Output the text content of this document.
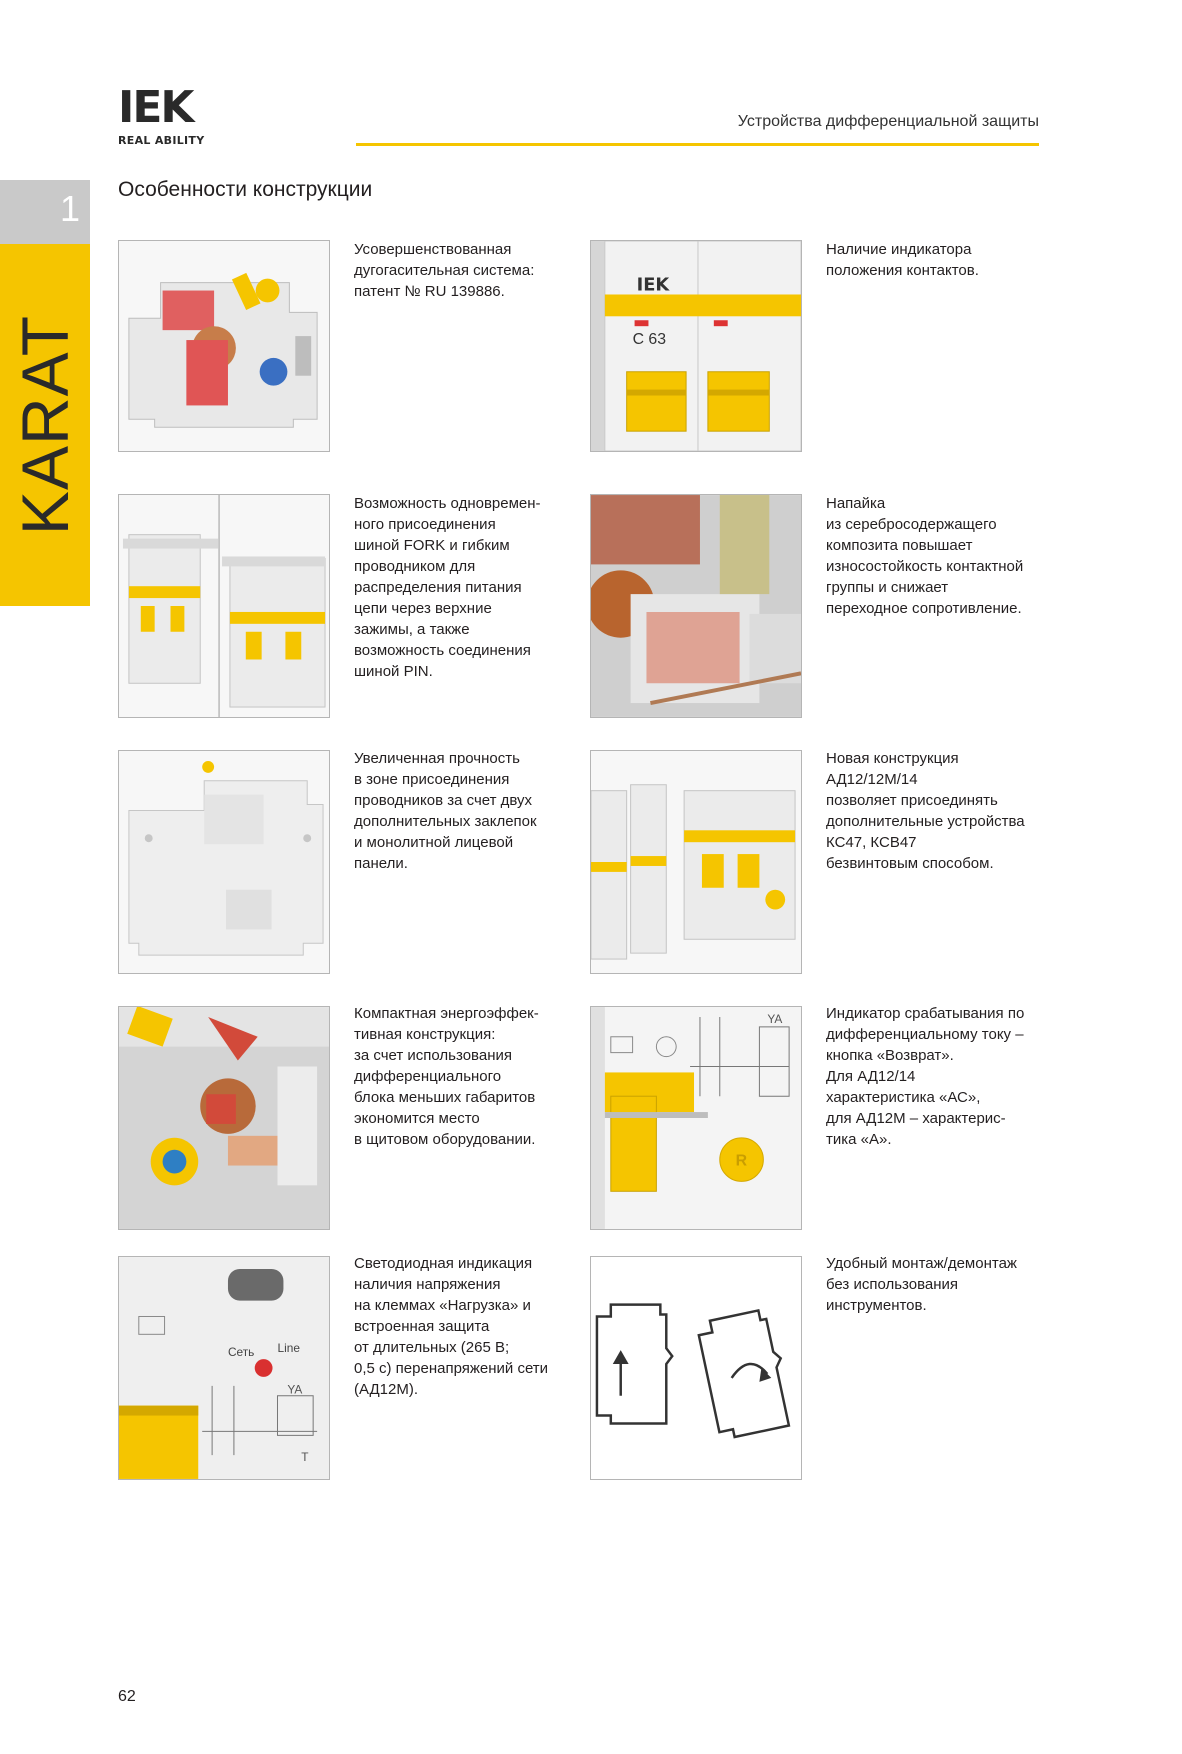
IEK
REAL ABILITY
Устройства дифференциальной защиты
1
KARAT
Особенности конструкции
Усовершенствованная
дугогасительная система:
патент № RU 139886.	IEK
C 63
Наличие индикатора
положения контактов.
Возможность одновремен-
ного присоединения
шиной FORK и гибким
проводником для
распределения питания
цепи через верхние
зажимы, а также
возможность соединения
шиной PIN.
Напайка
из серебросодержащего
композита повышает
износостойкость контактной
группы и снижает
переходное сопротивление.
Увеличенная прочность
в зоне присоединения
проводников за счет двух
дополнительных заклепок
и монолитной лицевой
панели.
Новая конструкция
АД12/12М/14
позволяет присоединять
дополнительные устройства
КС47, КСВ47
безвинтовым способом.
Компактная энергоэффек-
тивная конструкция:
за счет использования
дифференциального
блока меньших габаритов
экономится место
в щитовом оборудовании.
YA
R
Индикатор срабатывания по
дифференциальному току –
кнопка «Возврат».
Для АД12/14
характеристика «АС»,
для АД12М – характерис-
тика «А».
Сеть Line
YA
T
Светодиодная индикация
наличия напряжения
на клеммах «Нагрузка» и
встроенная защита
от длительных (265 В;
0,5 с) перенапряжений сети
(АД12М).
Удобный монтаж/демонтаж
без использования
инструментов.
62
